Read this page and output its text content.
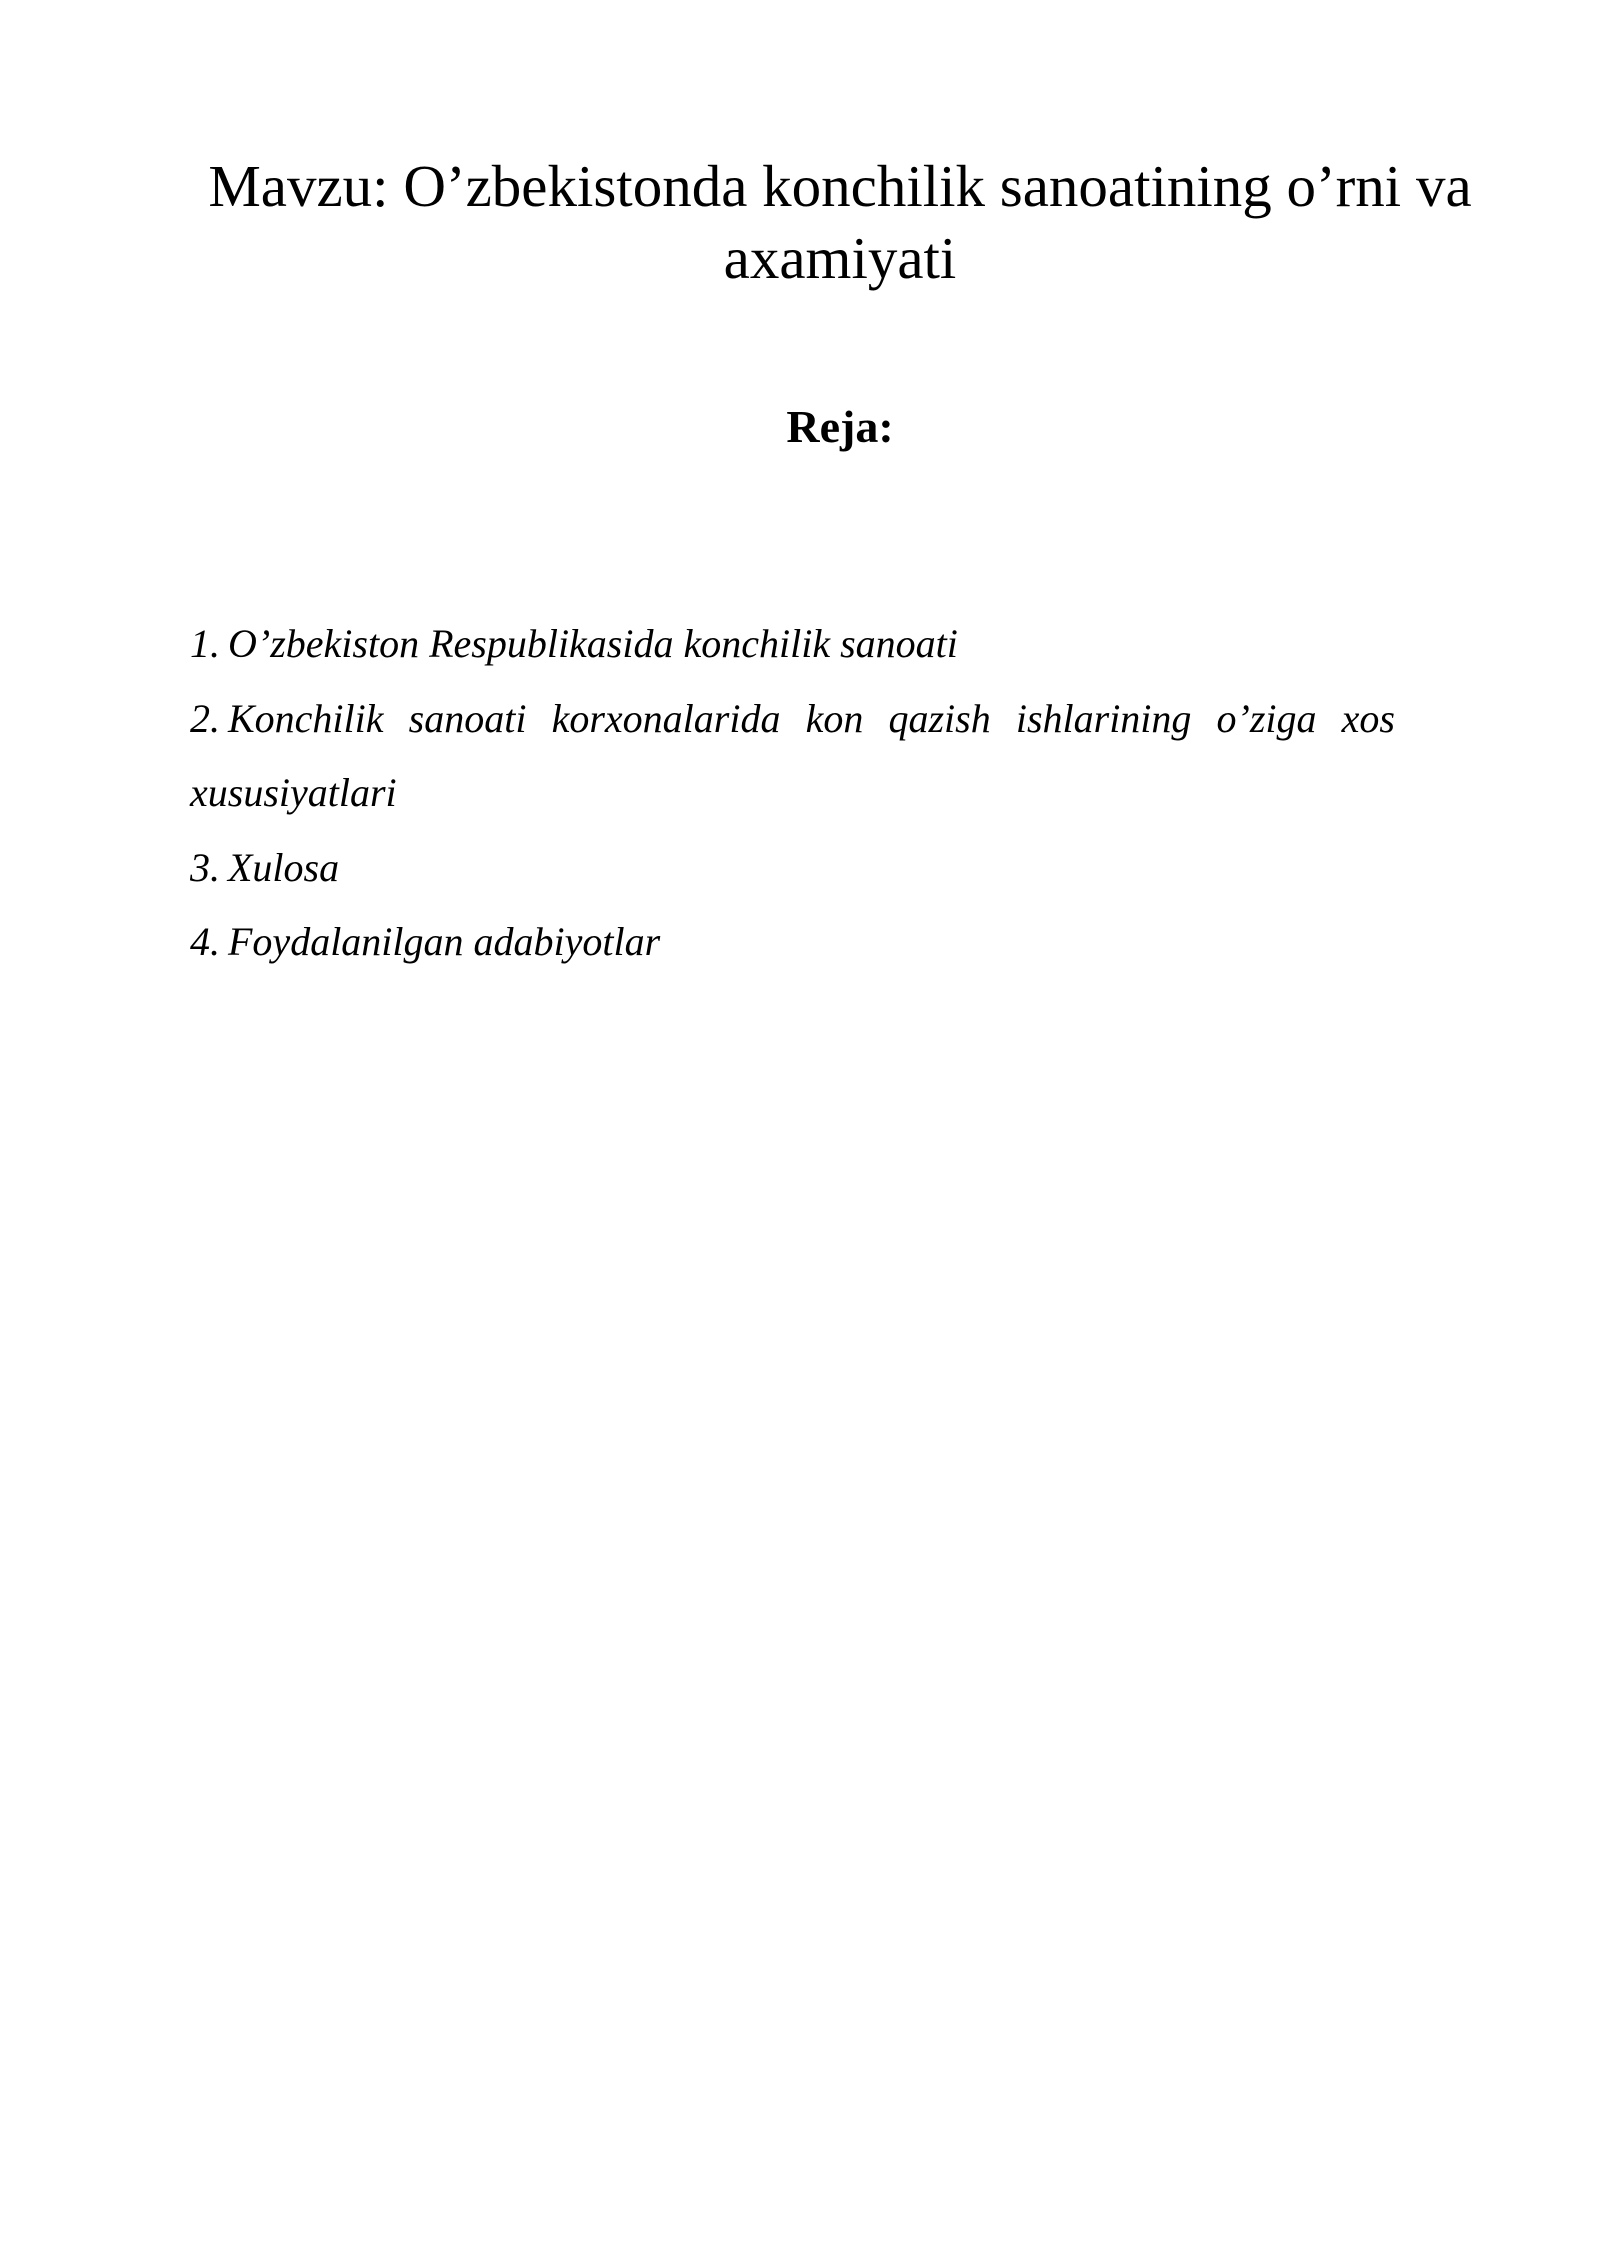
Mavzu: O’zbekistonda konchilik sanoatining o’rni va axamiyati
Reja:
1. O’zbekiston Respublikasida konchilik sanoati
2. Konchilik sanoati korxonalarida kon qazish ishlarining o’ziga xos xususiyatlari
3. Xulosa
4. Foydalanilgan adabiyotlar
